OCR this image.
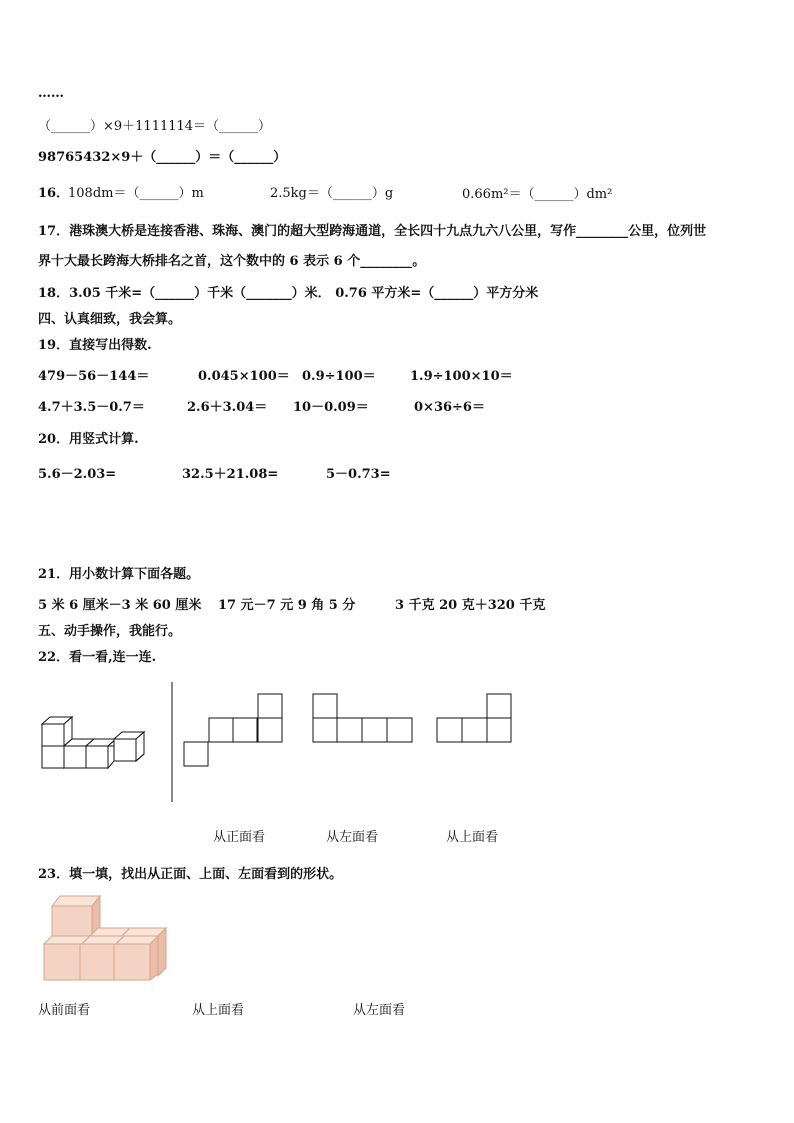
……
（______）×9＋1111114＝（______）
98765432×9＋（______）＝（______）
16．
108dm＝（______）m	2.5kg＝（______）g	0.66m²＝（______）dm²
17．港珠澳大桥是连接香港、珠海、澳门的超大型跨海通道，全长四十九点九六八公里，写作________公里，位列世
界十大最长跨海大桥排名之首，这个数中的 6 表示 6 个________。
18．3.05 千米=（______）千米（_______）米． 0.76 平方米=（______）平方分米
四、认真细致，我会算。
19．直接写出得数.
479－56－144＝	0.045×100＝ 0.9÷100＝	1.9÷100×10＝
4.7＋3.5－0.7＝	2.6＋3.04＝ 10－0.09＝	0×36÷6＝
20．用竖式计算.
5.6－2.03=	32.5＋21.08=	5－0.73=
21．用小数计算下面各题。
5 米 6 厘米－3 米 60 厘米 17 元－7 元 9 角 5 分	3 千克 20 克＋320 千克
五、动手操作，我能行。
22．看一看,连一连.
从正面看	从左面看	从上面看
23．填一填，找出从正面、上面、左面看到的形状。
从前面看	从上面看	从左面看
